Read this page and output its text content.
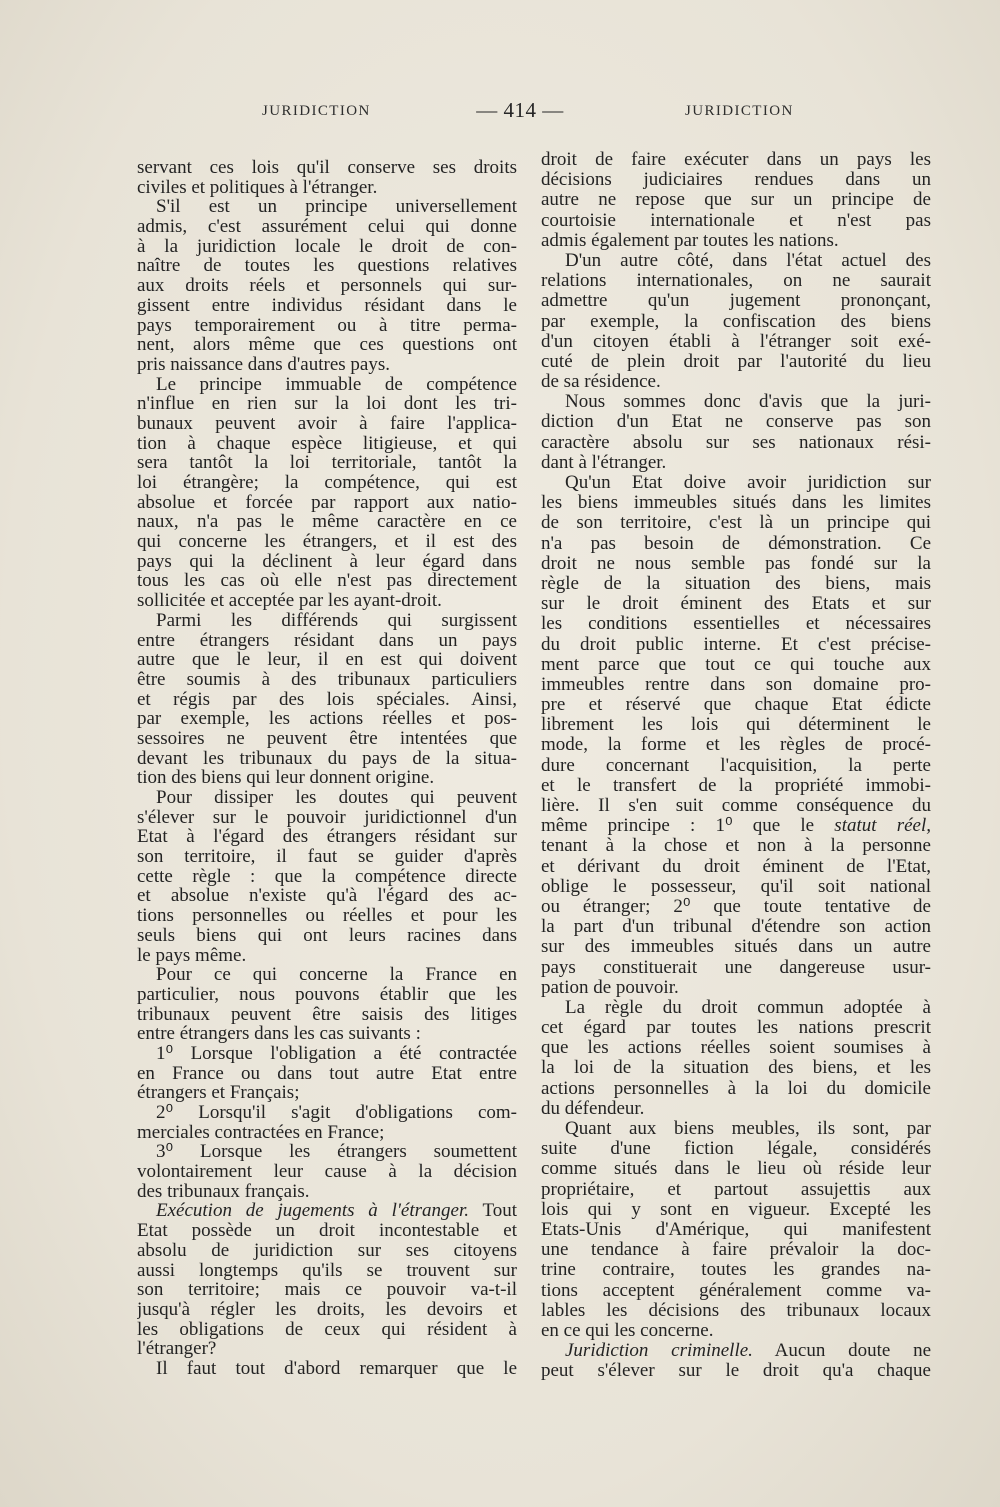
JURIDICTION	— 414 —	JURIDICTION
servant ces lois qu'il conserve ses droits
civiles et politiques à l'étranger.
S'il est un principe universellement
admis, c'est assurément celui qui donne
à la juridiction locale le droit de con-
naître de toutes les questions relatives
aux droits réels et personnels qui sur-
gissent entre individus résidant dans le
pays temporairement ou à titre perma-
nent, alors même que ces questions ont
pris naissance dans d'autres pays.
Le principe immuable de compétence
n'influe en rien sur la loi dont les tri-
bunaux peuvent avoir à faire l'applica-
tion à chaque espèce litigieuse, et qui
sera tantôt la loi territoriale, tantôt la
loi étrangère; la compétence, qui est
absolue et forcée par rapport aux natio-
naux, n'a pas le même caractère en ce
qui concerne les étrangers, et il est des
pays qui la déclinent à leur égard dans
tous les cas où elle n'est pas directement
sollicitée et acceptée par les ayant-droit.
Parmi les différends qui surgissent
entre étrangers résidant dans un pays
autre que le leur, il en est qui doivent
être soumis à des tribunaux particuliers
et régis par des lois spéciales. Ainsi,
par exemple, les actions réelles et pos-
sessoires ne peuvent être intentées que
devant les tribunaux du pays de la situa-
tion des biens qui leur donnent origine.
Pour dissiper les doutes qui peuvent
s'élever sur le pouvoir juridictionnel d'un
Etat à l'égard des étrangers résidant sur
son territoire, il faut se guider d'après
cette règle : que la compétence directe
et absolue n'existe qu'à l'égard des ac-
tions personnelles ou réelles et pour les
seuls biens qui ont leurs racines dans
le pays même.
Pour ce qui concerne la France en
particulier, nous pouvons établir que les
tribunaux peuvent être saisis des litiges
entre étrangers dans les cas suivants :
1⁰ Lorsque l'obligation a été contractée
en France ou dans tout autre Etat entre
étrangers et Français;
2⁰ Lorsqu'il s'agit d'obligations com-
merciales contractées en France;
3⁰ Lorsque les étrangers soumettent
volontairement leur cause à la décision
des tribunaux français.
Exécution de jugements à l'étranger. Tout
Etat possède un droit incontestable et
absolu de juridiction sur ses citoyens
aussi longtemps qu'ils se trouvent sur
son territoire; mais ce pouvoir va-t-il
jusqu'à régler les droits, les devoirs et
les obligations de ceux qui résident à
l'étranger?
Il faut tout d'abord remarquer que le
droit de faire exécuter dans un pays les
décisions judiciaires rendues dans un
autre ne repose que sur un principe de
courtoisie internationale et n'est pas
admis également par toutes les nations.
D'un autre côté, dans l'état actuel des
relations internationales, on ne saurait
admettre qu'un jugement prononçant,
par exemple, la confiscation des biens
d'un citoyen établi à l'étranger soit exé-
cuté de plein droit par l'autorité du lieu
de sa résidence.
Nous sommes donc d'avis que la juri-
diction d'un Etat ne conserve pas son
caractère absolu sur ses nationaux rési-
dant à l'étranger.
Qu'un Etat doive avoir juridiction sur
les biens immeubles situés dans les limites
de son territoire, c'est là un principe qui
n'a pas besoin de démonstration. Ce
droit ne nous semble pas fondé sur la
règle de la situation des biens, mais
sur le droit éminent des Etats et sur
les conditions essentielles et nécessaires
du droit public interne. Et c'est précise-
ment parce que tout ce qui touche aux
immeubles rentre dans son domaine pro-
pre et réservé que chaque Etat édicte
librement les lois qui déterminent le
mode, la forme et les règles de procé-
dure concernant l'acquisition, la perte
et le transfert de la propriété immobi-
lière. Il s'en suit comme conséquence du
même principe : 1⁰ que le statut réel,
tenant à la chose et non à la personne
et dérivant du droit éminent de l'Etat,
oblige le possesseur, qu'il soit national
ou étranger; 2⁰ que toute tentative de
la part d'un tribunal d'étendre son action
sur des immeubles situés dans un autre
pays constituerait une dangereuse usur-
pation de pouvoir.
La règle du droit commun adoptée à
cet égard par toutes les nations prescrit
que les actions réelles soient soumises à
la loi de la situation des biens, et les
actions personnelles à la loi du domicile
du défendeur.
Quant aux biens meubles, ils sont, par
suite d'une fiction légale, considérés
comme situés dans le lieu où réside leur
propriétaire, et partout assujettis aux
lois qui y sont en vigueur. Excepté les
Etats-Unis d'Amérique, qui manifestent
une tendance à faire prévaloir la doc-
trine contraire, toutes les grandes na-
tions acceptent généralement comme va-
lables les décisions des tribunaux locaux
en ce qui les concerne.
Juridiction criminelle. Aucun doute ne
peut s'élever sur le droit qu'a chaque
